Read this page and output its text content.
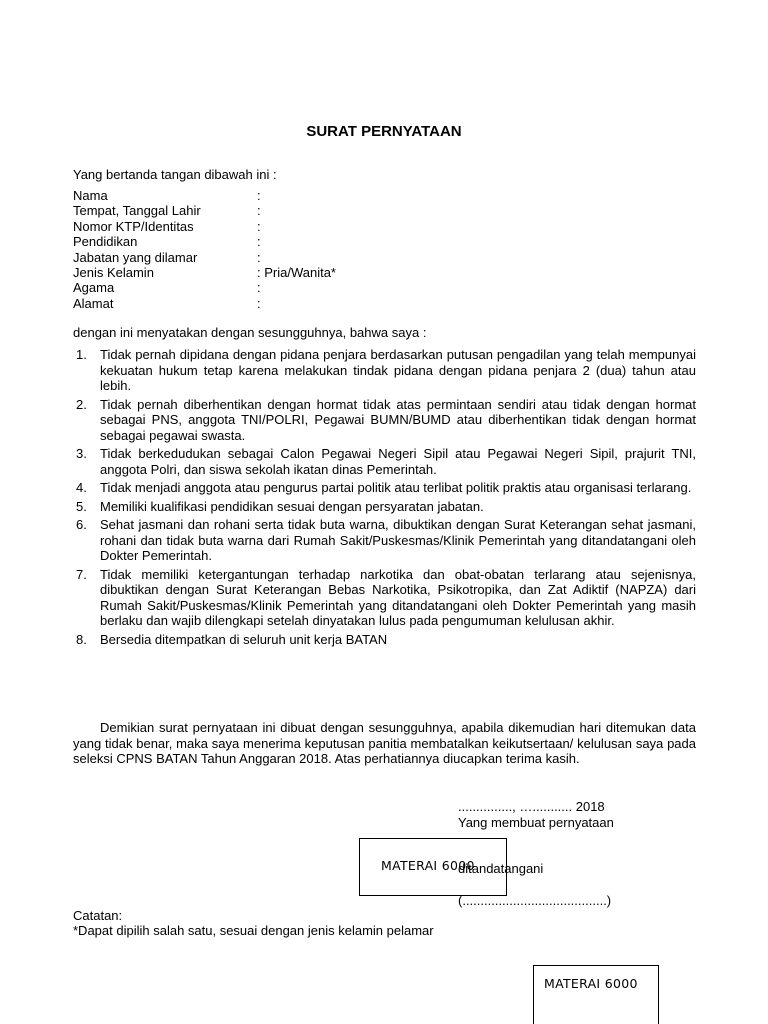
SURAT PERNYATAAN
Yang bertanda tangan dibawah ini :
Nama	:
Tempat, Tanggal Lahir	:
Nomor KTP/Identitas	:
Pendidikan	:
Jabatan yang dilamar	:
Jenis Kelamin	: Pria/Wanita*
Agama	:
Alamat	:
dengan ini menyatakan dengan sesungguhnya, bahwa saya :
1. Tidak pernah dipidana dengan pidana penjara berdasarkan putusan pengadilan yang telah mempunyai kekuatan hukum tetap karena melakukan tindak pidana dengan pidana penjara 2 (dua) tahun atau lebih.
2. Tidak pernah diberhentikan dengan hormat tidak atas permintaan sendiri atau tidak dengan hormat sebagai PNS, anggota TNI/POLRI, Pegawai BUMN/BUMD atau diberhentikan tidak dengan hormat sebagai pegawai swasta.
3. Tidak berkedudukan sebagai Calon Pegawai Negeri Sipil atau Pegawai Negeri Sipil, prajurit TNI, anggota Polri, dan siswa sekolah ikatan dinas Pemerintah.
4. Tidak menjadi anggota atau pengurus partai politik atau terlibat politik praktis atau organisasi terlarang.
5. Memiliki kualifikasi pendidikan sesuai dengan persyaratan jabatan.
6. Sehat jasmani dan rohani serta tidak buta warna, dibuktikan dengan Surat Keterangan sehat jasmani, rohani dan tidak buta warna dari Rumah Sakit/Puskesmas/Klinik Pemerintah yang ditandatangani oleh Dokter Pemerintah.
7. Tidak memiliki ketergantungan terhadap narkotika dan obat-obatan terlarang atau sejenisnya, dibuktikan dengan Surat Keterangan Bebas Narkotika, Psikotropika, dan Zat Adiktif (NAPZA) dari Rumah Sakit/Puskesmas/Klinik Pemerintah yang ditandatangani oleh Dokter Pemerintah yang masih berlaku dan wajib dilengkapi setelah dinyatakan lulus pada pengumuman kelulusan akhir.
8. Bersedia ditempatkan di seluruh unit kerja BATAN
Demikian surat pernyataan ini dibuat dengan sesungguhnya, apabila dikemudian hari ditemukan data yang tidak benar, maka saya menerima keputusan panitia membatalkan keikutsertaan/ kelulusan saya pada seleksi CPNS BATAN Tahun Anggaran 2018. Atas perhatiannya diucapkan terima kasih.
..............., …........... 2018
Yang membuat pernyataan
MATERAI 6000
ditandatangani
(........................................)
Catatan:
*Dapat dipilih salah satu, sesuai dengan jenis kelamin pelamar
MATERAI 6000
